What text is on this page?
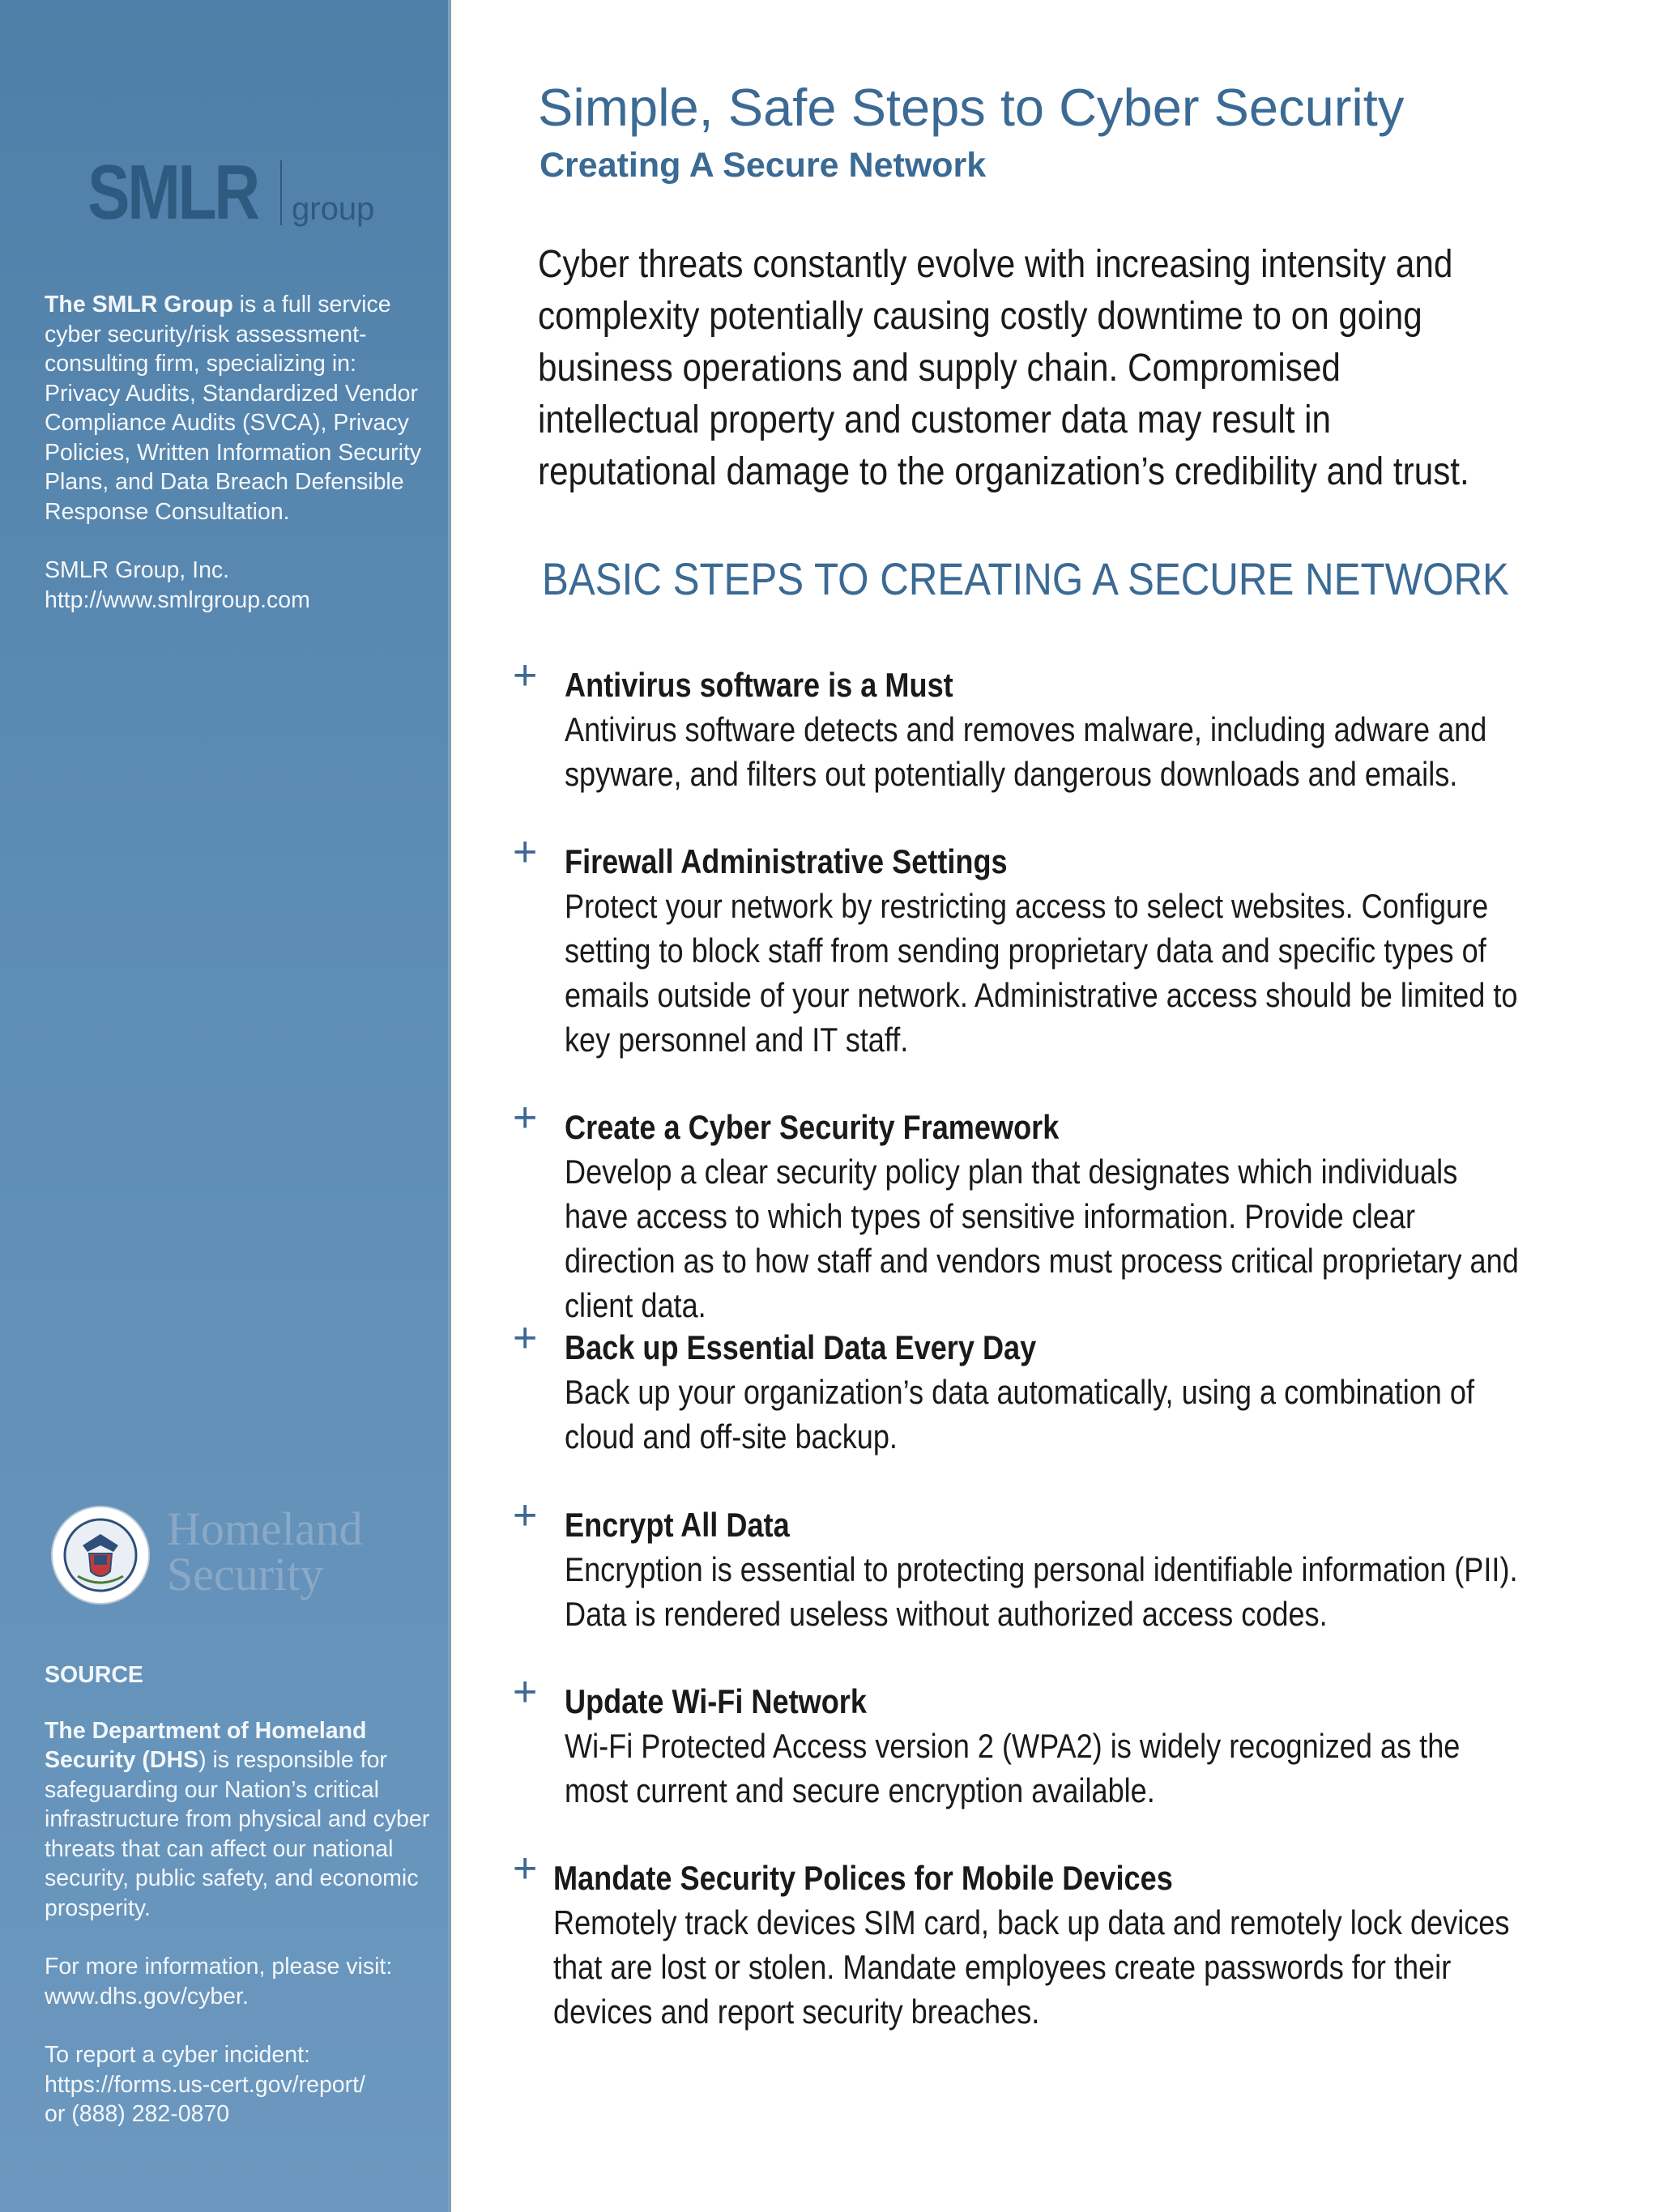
SMLR group

The SMLR Group is a full service cyber security/risk assessment-consulting firm, specializing in: Privacy Audits, Standardized Vendor Compliance Audits (SVCA), Privacy Policies, Written Information Security Plans, and Data Breach Defensible Response Consultation.

SMLR Group, Inc.
http://www.smlrgroup.com
Homeland
Security
SOURCE

The Department of Homeland Security (DHS) is responsible for safeguarding our Nation’s critical infrastructure from physical and cyber threats that can affect our national security, public safety, and economic prosperity.

For more information, please visit: www.dhs.gov/cyber.

To report a cyber incident:
https://forms.us-cert.gov/report/
or (888) 282-0870
Simple, Safe Steps to Cyber Security
Creating A Secure Network
Cyber threats constantly evolve with increasing intensity and complexity potentially causing costly downtime to on going business operations and supply chain. Compromised intellectual property and customer data may result in reputational damage to the organization’s credibility and trust.
BASIC STEPS TO CREATING A SECURE NETWORK
+ Antivirus software is a Must
Antivirus software detects and removes malware, including adware and spyware, and filters out potentially dangerous downloads and emails.
+ Firewall Administrative Settings
Protect your network by restricting access to select websites. Configure setting to block staff from sending proprietary data and specific types of emails outside of your network. Administrative access should be limited to key personnel and IT staff.
+ Create a Cyber Security Framework
Develop a clear security policy plan that designates which individuals have access to which types of sensitive information. Provide clear direction as to how staff and vendors must process critical proprietary and client data.
+ Back up Essential Data Every Day
Back up your organization’s data automatically, using a combination of cloud and off-site backup.
+ Encrypt All Data
Encryption is essential to protecting personal identifiable information (PII). Data is rendered useless without authorized access codes.
+ Update Wi-Fi Network
Wi-Fi Protected Access version 2 (WPA2) is widely recognized as the most current and secure encryption available.
+ Mandate Security Polices for Mobile Devices
Remotely track devices SIM card, back up data and remotely lock devices that are lost or stolen. Mandate employees create passwords for their devices and report security breaches.
